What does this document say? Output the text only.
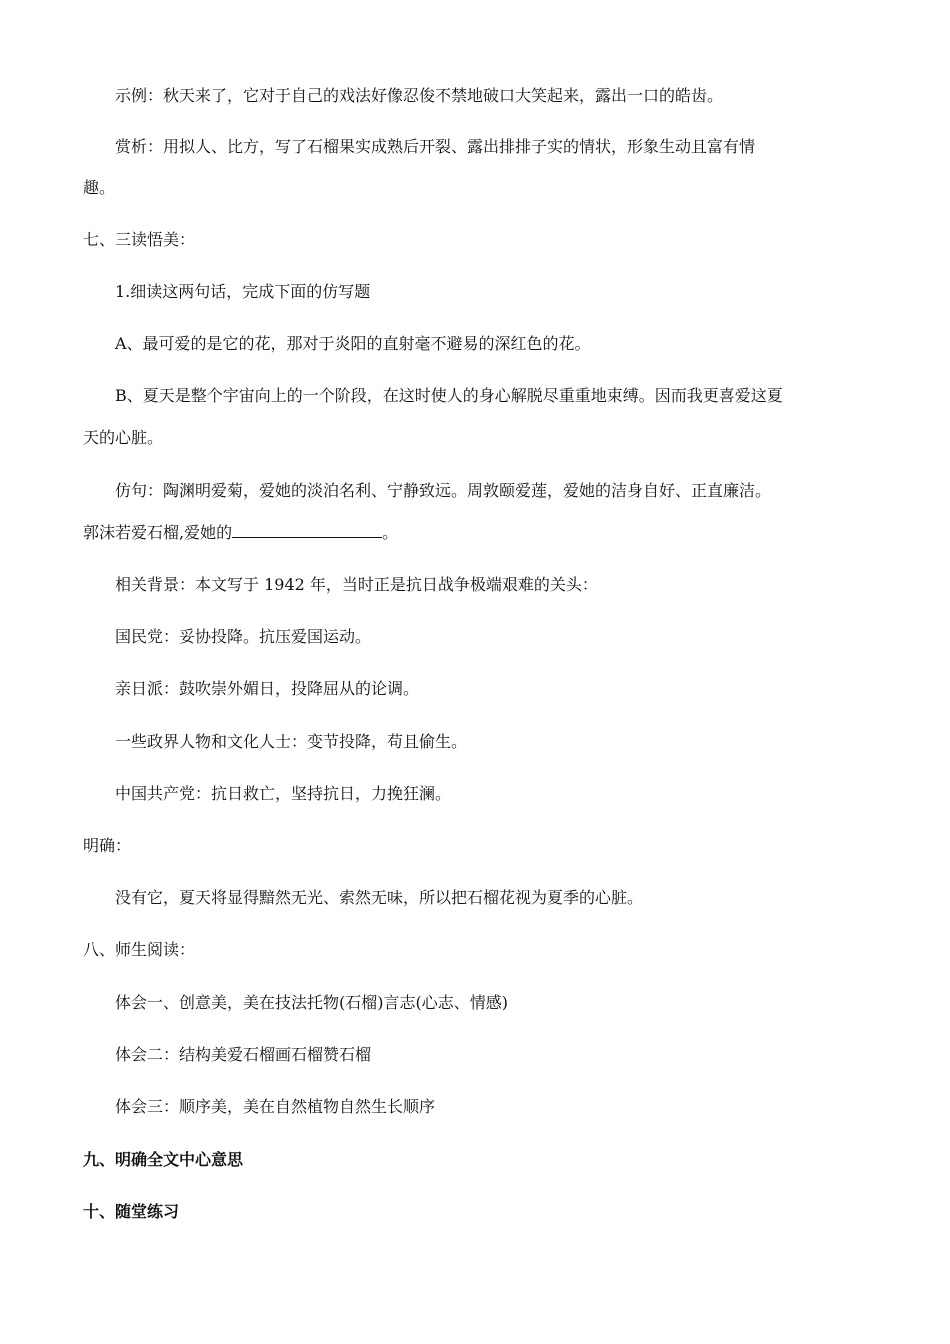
示例：秋天来了，它对于自己的戏法好像忍俊不禁地破口大笑起来，露出一口的皓齿。
赏析：用拟人、比方，写了石榴果实成熟后开裂、露出排排子实的情状，形象生动且富有情
趣。
七、三读悟美：
1.细读这两句话，完成下面的仿写题
A、最可爱的是它的花，那对于炎阳的直射毫不避易的深红色的花。
B、夏天是整个宇宙向上的一个阶段，在这时使人的身心解脱尽重重地束缚。因而我更喜爱这夏
天的心脏。
仿句：陶渊明爱菊，爱她的淡泊名利、宁静致远。周敦颐爱莲，爱她的洁身自好、正直廉洁。
郭沫若爱石榴,爱她的	。
相关背景：本文写于 1942 年，当时正是抗日战争极端艰难的关头：
国民党：妥协投降。抗压爱国运动。
亲日派：鼓吹崇外媚日，投降屈从的论调。
一些政界人物和文化人士：变节投降，苟且偷生。
中国共产党：抗日救亡，坚持抗日，力挽狂澜。
明确：
没有它，夏天将显得黯然无光、索然无味，所以把石榴花视为夏季的心脏。
八、师生阅读：
体会一、创意美，美在技法托物(石榴)言志(心志、情感)
体会二：结构美爱石榴画石榴赞石榴
体会三：顺序美，美在自然植物自然生长顺序
九、明确全文中心意思
十、随堂练习
